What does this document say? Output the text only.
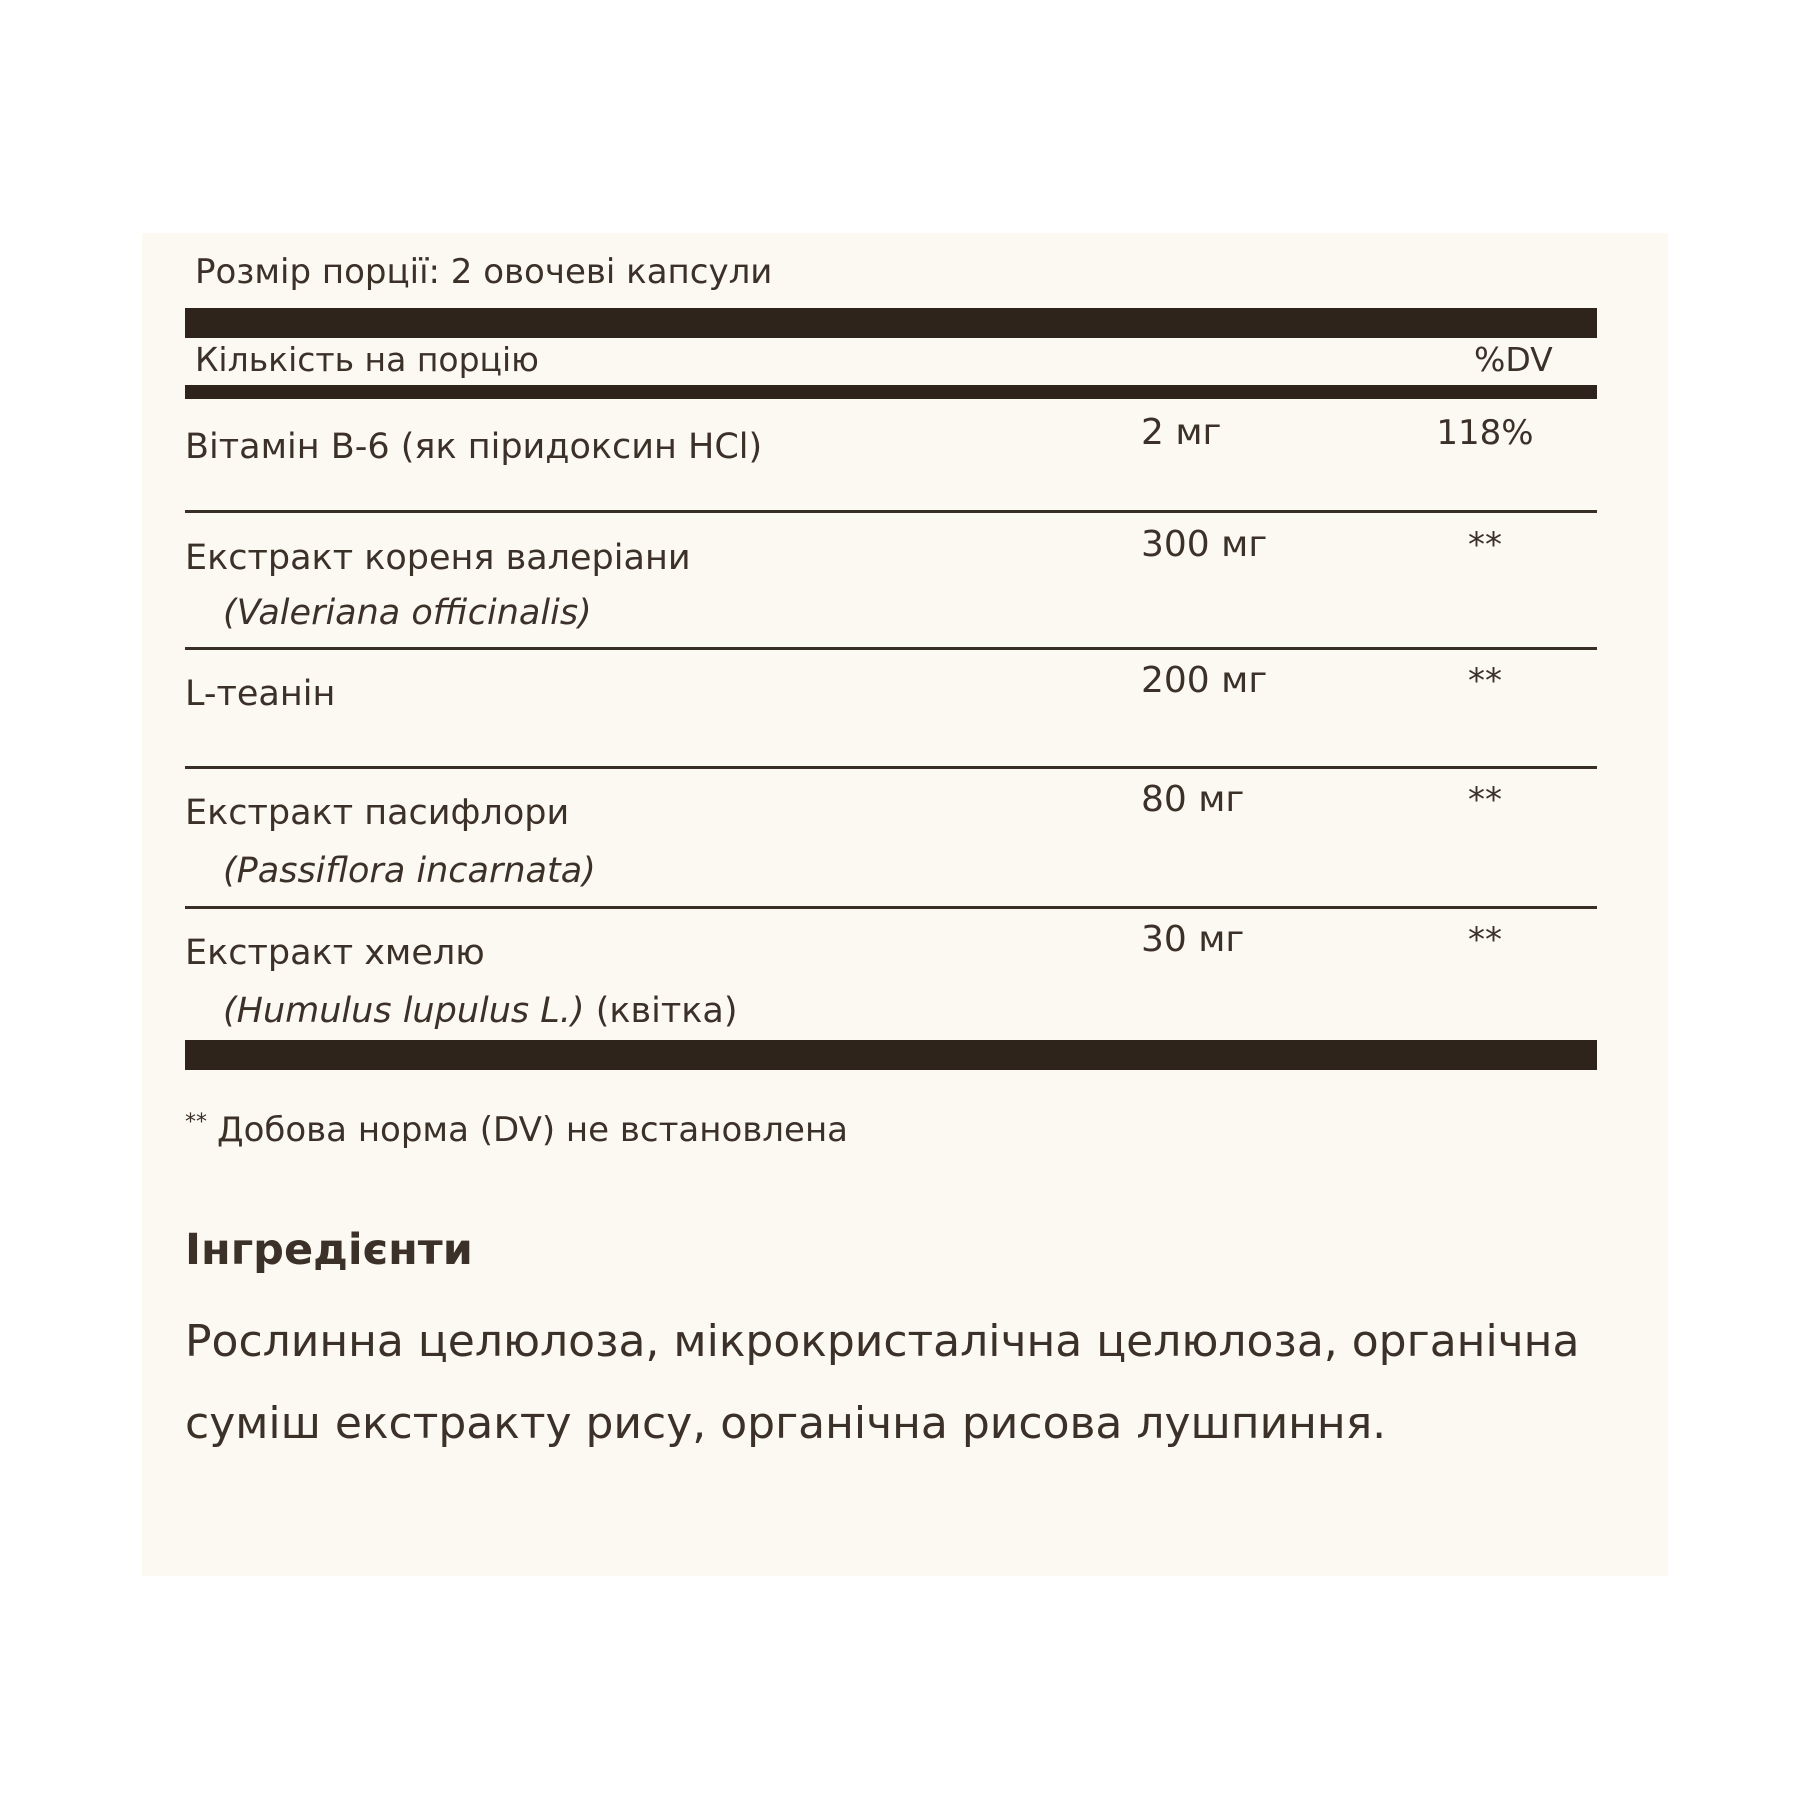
Розмір порції: 2 овочеві капсули
Кількість на порцію	%DV
Вітамін B-6 (як піридоксин HCl)	2 мг	118%
Екстракт кореня валеріани
(Valeriana officinalis)
300 мг	**
L-теанін	200 мг	**
Екстракт пасифлори
(Passiflora incarnata)
80 мг	**
Екстракт хмелю
(Humulus lupulus L.) (квітка)
30 мг	**
** Добова норма (DV) не встановлена
Інгредієнти
Рослинна целюлоза, мікрокристалічна целюлоза, органічна суміш екстракту рису, органічна рисова лушпиння.
